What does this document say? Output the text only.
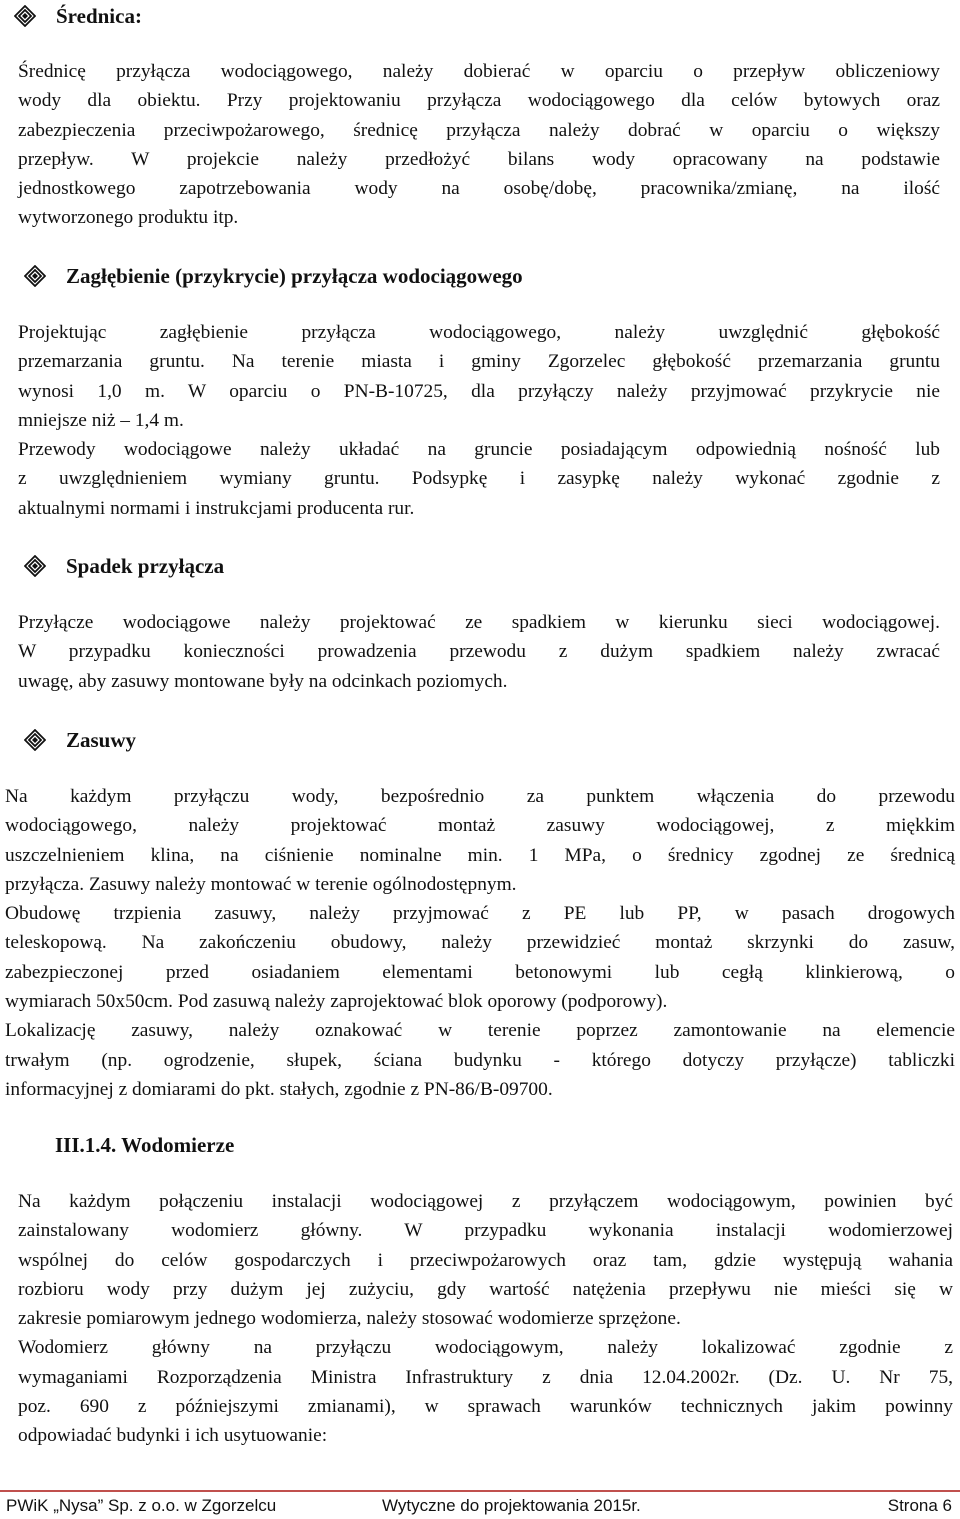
Średnica:
Średnicę przyłącza wodociągowego, należy dobierać w oparciu o przepływ obliczeniowy
wody dla obiektu. Przy projektowaniu przyłącza wodociągowego dla celów bytowych oraz
zabezpieczenia przeciwpożarowego, średnicę przyłącza należy dobrać w oparciu o większy
przepływ. W projekcie należy przedłożyć bilans wody opracowany na podstawie
jednostkowego zapotrzebowania wody na osobę/dobę, pracownika/zmianę, na ilość
wytworzonego produktu itp.
Zagłębienie (przykrycie) przyłącza wodociągowego
Projektując zagłębienie przyłącza wodociągowego, należy uwzględnić głębokość
przemarzania gruntu. Na terenie miasta i gminy Zgorzelec głębokość przemarzania gruntu
wynosi 1,0 m. W oparciu o PN-B-10725, dla przyłączy należy przyjmować przykrycie nie
mniejsze niż – 1,4 m.
Przewody wodociągowe należy układać na gruncie posiadającym odpowiednią nośność lub
z uwzględnieniem wymiany gruntu. Podsypkę i zasypkę należy wykonać zgodnie z
aktualnymi normami i instrukcjami producenta rur.
Spadek przyłącza
Przyłącze wodociągowe należy projektować ze spadkiem w kierunku sieci wodociągowej.
W przypadku konieczności prowadzenia przewodu z dużym spadkiem należy zwracać
uwagę, aby zasuwy montowane były na odcinkach poziomych.
Zasuwy
Na każdym przyłączu wody, bezpośrednio za punktem włączenia do przewodu
wodociągowego, należy projektować montaż zasuwy wodociągowej, z miękkim
uszczelnieniem klina, na ciśnienie nominalne min. 1 MPa, o średnicy zgodnej ze średnicą
przyłącza. Zasuwy należy montować w terenie ogólnodostępnym.
Obudowę trzpienia zasuwy, należy przyjmować z PE lub PP, w pasach drogowych
teleskopową. Na zakończeniu obudowy, należy przewidzieć montaż skrzynki do zasuw,
zabezpieczonej przed osiadaniem elementami betonowymi lub cegłą klinkierową, o
wymiarach 50x50cm. Pod zasuwą należy zaprojektować blok oporowy (podporowy).
Lokalizację zasuwy, należy oznakować w terenie poprzez zamontowanie na elemencie
trwałym (np. ogrodzenie, słupek, ściana budynku - którego dotyczy przyłącze) tabliczki
informacyjnej z domiarami do pkt. stałych, zgodnie z PN-86/B-09700.
III.1.4. Wodomierze
Na każdym połączeniu instalacji wodociągowej z przyłączem wodociągowym, powinien być
zainstalowany wodomierz główny. W przypadku wykonania instalacji wodomierzowej
wspólnej do celów gospodarczych i przeciwpożarowych oraz tam, gdzie występują wahania
rozbioru wody przy dużym jej zużyciu, gdy wartość natężenia przepływu nie mieści się w
zakresie pomiarowym jednego wodomierza, należy stosować wodomierze sprzężone.
Wodomierz główny na przyłączu wodociągowym, należy lokalizować zgodnie z
wymaganiami Rozporządzenia Ministra Infrastruktury z dnia 12.04.2002r. (Dz. U. Nr 75,
poz. 690 z późniejszymi zmianami), w sprawach warunków technicznych jakim powinny
odpowiadać budynki i ich usytuowanie:
PWiK „Nysa” Sp. z o.o. w Zgorzelcu	Wytyczne do projektowania 2015r.	Strona 6
